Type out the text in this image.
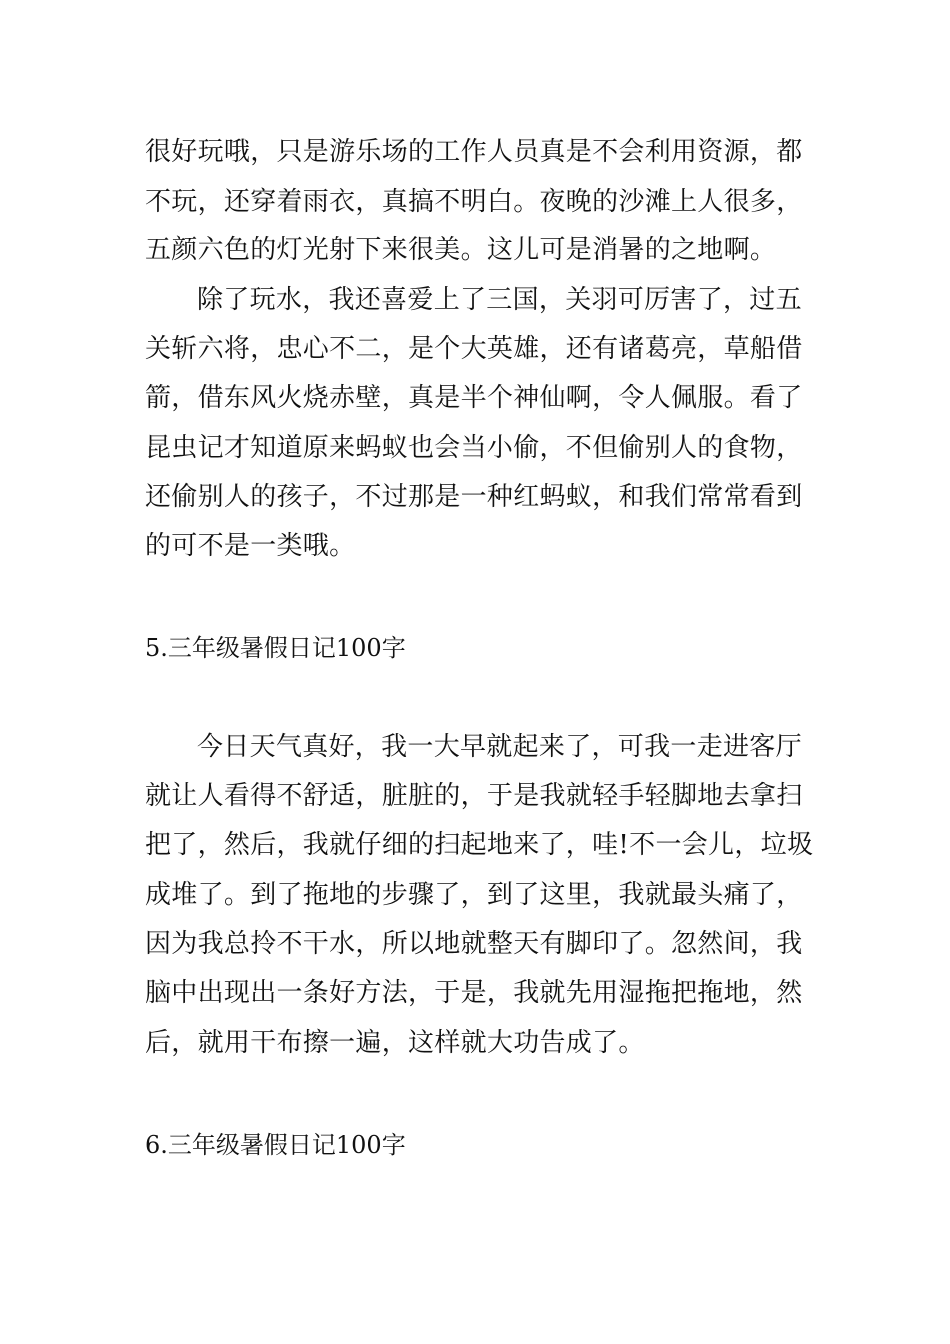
很好玩哦，只是游乐场的工作人员真是不会利用资源，都
不玩，还穿着雨衣，真搞不明白。夜晚的沙滩上人很多，
五颜六色的灯光射下来很美。这儿可是消暑的之地啊。
除了玩水，我还喜爱上了三国，关羽可厉害了，过五
关斩六将，忠心不二，是个大英雄，还有诸葛亮，草船借
箭，借东风火烧赤壁，真是半个神仙啊，令人佩服。看了
昆虫记才知道原来蚂蚁也会当小偷，不但偷别人的食物，
还偷别人的孩子，不过那是一种红蚂蚁，和我们常常看到
的可不是一类哦。
5.三年级暑假日记100字
今日天气真好，我一大早就起来了，可我一走进客厅
就让人看得不舒适，脏脏的，于是我就轻手轻脚地去拿扫
把了，然后，我就仔细的扫起地来了，哇!不一会儿，垃圾
成堆了。到了拖地的步骤了，到了这里，我就最头痛了，
因为我总拎不干水，所以地就整天有脚印了。忽然间，我
脑中出现出一条好方法，于是，我就先用湿拖把拖地，然
后，就用干布擦一遍，这样就大功告成了。
6.三年级暑假日记100字
